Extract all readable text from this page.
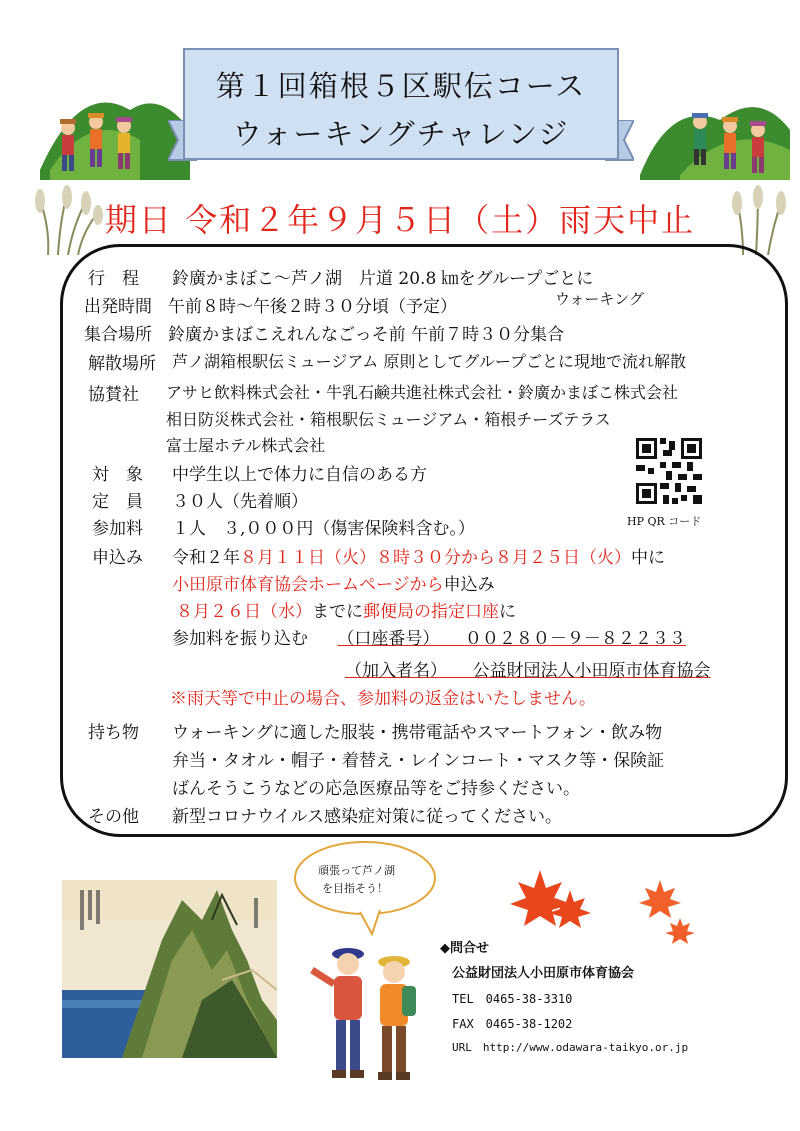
第１回箱根５区駅伝コース
ウォーキングチャレンジ
期日 令和２年９月５日（土）雨天中止
行　程 鈴廣かまぼこ～芦ノ湖　片道 20.8 ㎞をグループごとに
ウォーキング
出発時間 午前８時～午後２時３０分頃（予定）
集合場所 鈴廣かまぼこえれんなごっそ前 午前７時３０分集合
解散場所 芦ノ湖箱根駅伝ミュージアム 原則としてグループごとに現地で流れ解散
協賛社 アサヒ飲料株式会社・牛乳石鹸共進社株式会社・鈴廣かまぼこ株式会社
相日防災株式会社・箱根駅伝ミュージアム・箱根チーズテラス
富士屋ホテル株式会社
対　象 中学生以上で体力に自信のある方
定　員 ３０人（先着順）
参加料 １人　３,０００円（傷害保険料含む。）	HP QR コード
申込み 令和２年８月１１日（火）８時３０分から８月２５日（火）中に
小田原市体育協会ホームページから申込み
８月２６日（水）までに郵便局の指定口座に
参加料を振り込む （口座番号）　　００２８０－９－８２２３３
（加入者名）　　公益財団法人小田原市体育協会
※雨天等で中止の場合、参加料の返金はいたしません。
持ち物 ウォーキングに適した服装・携帯電話やスマートフォン・飲み物
弁当・タオル・帽子・着替え・レインコート・マスク等・保険証
ばんそうこうなどの応急医療品等をご持参ください。
その他 新型コロナウイルス感染症対策に従ってください。
頑張って芦ノ湖
を目指そう！
◆問合せ
公益財団法人小田原市体育協会
TEL　0465-38-3310
FAX　0465-38-1202
URL　http://www.odawara-taikyo.or.jp
